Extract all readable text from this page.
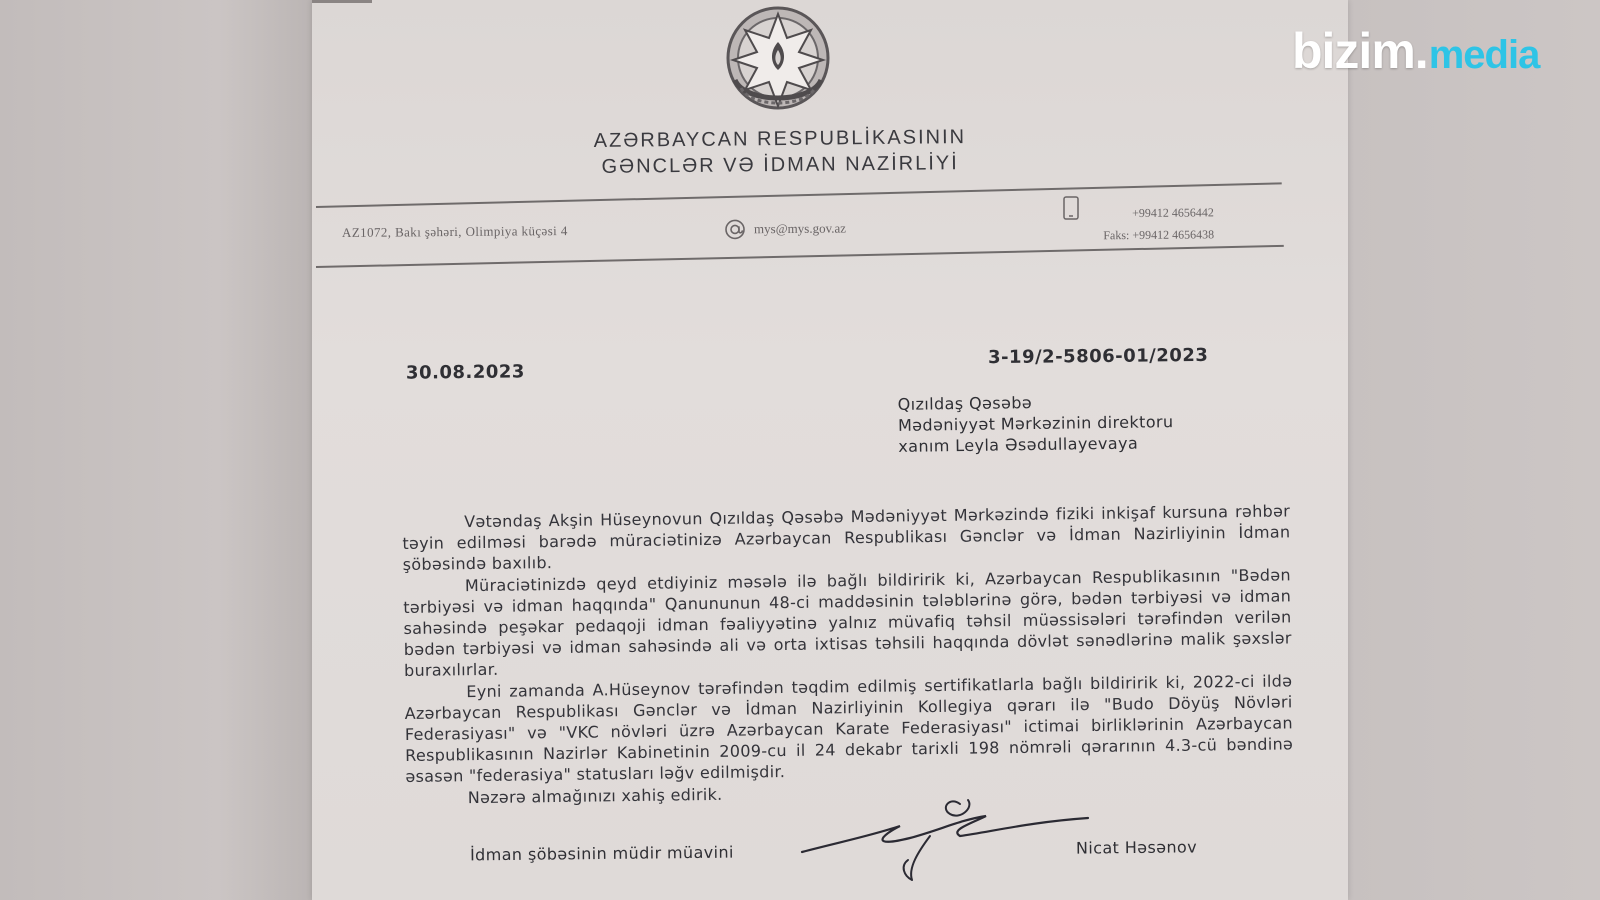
AZƏRBAYCAN RESPUBLİKASININ
GƏNCLƏR VƏ İDMAN NAZİRLİYİ
AZ1072, Bakı şəhəri, Olimpiya küçəsi 4	mys@mys.gov.az
+99412 4656442
Faks: +99412 4656438
30.08.2023
3-19/2-5806-01/2023
Qızıldaş Qəsəbə
Mədəniyyət Mərkəzinin direktoru
xanım Leyla Əsədullayevaya

Vətəndaş Akşin Hüseynovun Qızıldaş Qəsəbə Mədəniyyət Mərkəzində fiziki inkişaf kursuna rəhbər təyin edilməsi barədə müraciətinizə Azərbaycan Respublikası Gənclər və İdman Nazirliyinin İdman şöbəsində baxılıb.

Müraciətinizdə qeyd etdiyiniz məsələ ilə bağlı bildiririk ki, Azərbaycan Respublikasının "Bədən tərbiyəsi və idman haqqında" Qanununun 48-ci maddəsinin tələblərinə görə, bədən tərbiyəsi və idman sahəsində peşəkar pedaqoji idman fəaliyyətinə yalnız müvafiq təhsil müəssisələri tərəfindən verilən bədən tərbiyəsi və idman sahəsində ali və orta ixtisas təhsili haqqında dövlət sənədlərinə malik şəxslər buraxılırlar.

Eyni zamanda A.Hüseynov tərəfindən təqdim edilmiş sertifikatlarla bağlı bildiririk ki, 2022-ci ildə Azərbaycan Respublikası Gənclər və İdman Nazirliyinin Kollegiya qərarı ilə "Budo Döyüş Növləri Federasiyası" və "VKC növləri üzrə Azərbaycan Karate Federasiyası" ictimai birliklərinin Azərbaycan Respublikasının Nazirlər Kabinetinin 2009-cu il 24 dekabr tarixli 198 nömrəli qərarının 4.3-cü bəndinə əsasən "federasiya" statusları ləğv edilmişdir.

Nəzərə almağınızı xahiş edirik.

İdman şöbəsinin müdir müavini	Nicat Həsənov
bizim . media
